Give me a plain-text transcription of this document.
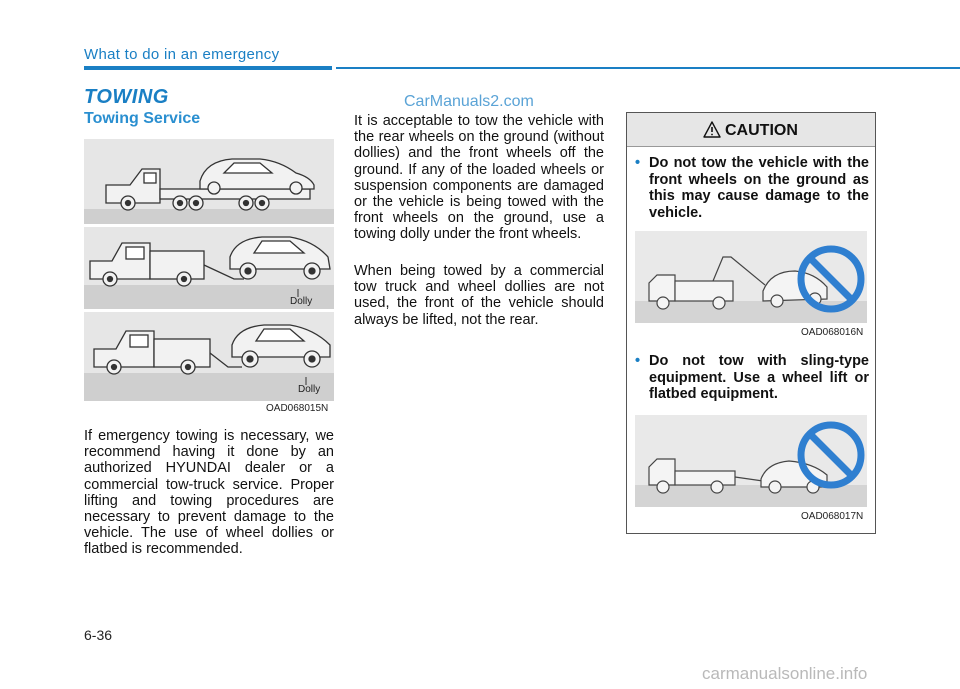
What to do in an emergency
TOWING
Towing Service
CarManuals2.com
Dolly
Dolly
OAD068015N
If emergency towing is necessary, we recommend having it done by an authorized HYUNDAI dealer or a commercial tow-truck service. Proper lifting and towing procedures are necessary to prevent damage to the vehicle. The use of wheel dollies or flatbed is recommended.
It is acceptable to tow the vehicle with the rear wheels on the ground (without dollies) and the front wheels off the ground. If any of the loaded wheels or suspension components are damaged or the vehicle is being towed with the front wheels on the ground, use a towing dolly under the front wheels.
When being towed by a commercial tow truck and wheel dollies are not used, the front of the vehicle should always be lifted, not the rear.
CAUTION
• Do not tow the vehicle with the front wheels on the ground as this may cause damage to the vehicle.
OAD068016N
• Do not tow with sling-type equipment. Use a wheel lift or flatbed equipment.
OAD068017N
6-36
carmanualsonline.info
